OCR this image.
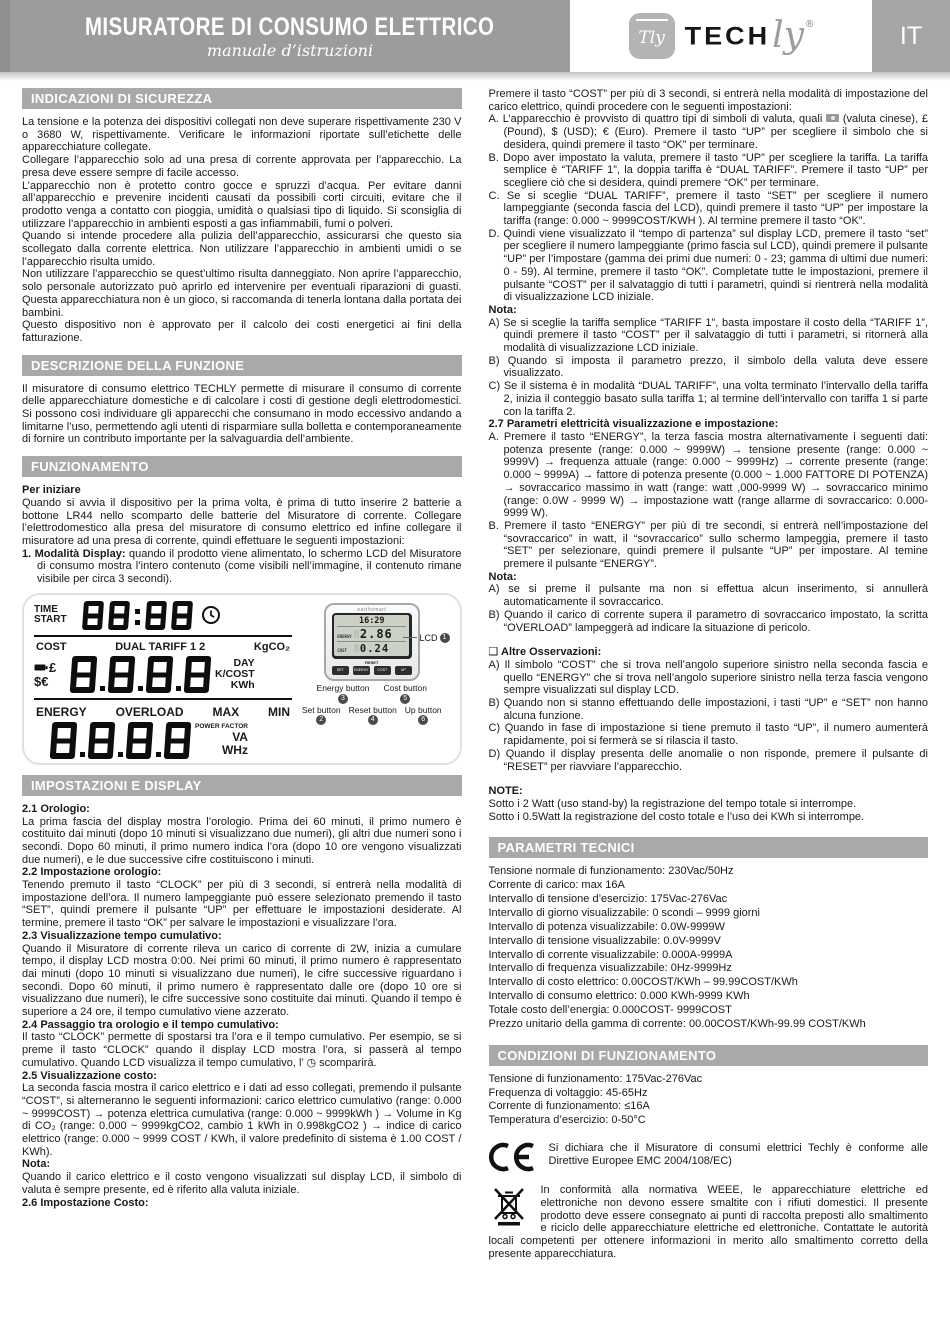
MISURATORE DI CONSUMO ELETTRICO
manuale d’istruzioni
Tly TECH ly ®	IT
INDICAZIONI DI SICUREZZA

La tensione e la potenza dei dispositivi collegati non deve superare rispettivamente 230 V o 3680 W, rispettivamente. Verificare le informazioni riportate sull’etichette delle apparecchiature collegate.

Collegare l’apparecchio solo ad una presa di corrente approvata per l’apparecchio. La presa deve essere sempre di facile accesso.

L’apparecchio non è protetto contro gocce e spruzzi d’acqua. Per evitare danni all’apparecchio e prevenire incidenti causati da possibili corti circuiti, evitare che il prodotto venga a contatto con pioggia, umidità o qualsiasi tipo di liquido. Si sconsiglia di utilizzare l’apparecchio in ambienti esposti a gas infiammabili, fumi o polveri.

Quando si intende procedere alla pulizia dell’apparecchio, assicurarsi che questo sia scollegato dalla corrente elettrica. Non utilizzare l’apparecchio in ambienti umidi o se l’apparecchio risulta umido.

Non utilizzare l’apparecchio se quest’ultimo risulta danneggiato. Non aprire l’apparecchio, solo personale autorizzato può aprirlo ed intervenire per eventuali riparazioni di guasti. Questa apparecchiatura non è un gioco, si raccomanda di tenerla lontana dalla portata dei bambini.

Questo dispositivo non è approvato per il calcolo dei costi energetici ai fini della fatturazione.

DESCRIZIONE DELLA FUNZIONE

Il misuratore di consumo elettrico TECHLY permette di misurare il consumo di corrente delle apparecchiature domestiche e di calcolare i costi di gestione degli elettrodomestici. Si possono così individuare gli apparecchi che consumano in modo eccessivo andando a limitarne l’uso, permettendo agli utenti di risparmiare sulla bolletta e contemporaneamente di fornire un contributo importante per la salvaguardia dell’ambiente.

FUNZIONAMENTO

Per iniziare

Quando si avvia il dispositivo per la prima volta, è prima di tutto inserire 2 batterie a bottone LR44 nello scomparto delle batterie del Misuratore di corrente. Collegare l’elettrodomestico alla presa del misuratore di consumo elettrico ed infine collegare il misuratore ad una presa di corrente, quindi effettuare le seguenti impostazioni:

1. Modalità Display: quando il prodotto viene alimentato, lo schermo LCD del Misuratore di consumo mostra l’intero contenuto (come visibili nell’immagine, il contenuto rimane visibile per circa 3 secondi).

TIME
START
COST	DUAL TARIFF 1 2	KgCO₂
£
$€
DAY
K/COST
KWh
ENERGY OVERLOAD MAX MIN
POWER FACTOR
VA
WHz
earthsmart
16:29
ENERGY 8 2.86
COST 8 0.24
RESET
SET	ENERGY	COST	UP
LCD 1
Energy button
3
Cost button
5
Set button
2
Reset button
4
Up button
6
IMPOSTAZIONI E DISPLAY

2.1 Orologio:

La prima fascia del display mostra l’orologio. Prima dei 60 minuti, il primo numero è costituito dai minuti (dopo 10 minuti si visualizzano due numeri), gli altri due numeri sono i secondi. Dopo 60 minuti, il primo numero indica l’ora (dopo 10 ore vengono visualizzati due numeri), e le due successive cifre costituiscono i minuti.

2.2 Impostazione orologio:

Tenendo premuto il tasto “CLOCK” per più di 3 secondi, si entrerà nella modalità di impostazione dell’ora. Il numero lampeggiante può essere selezionato premendo il tasto “SET”, quindi premere il pulsante “UP” per effettuare le impostazioni desiderate. Al termine, premere il tasto “OK” per salvare le impostazioni e visualizzare l’ora.

2.3 Visualizzazione tempo cumulativo:

Quando il Misuratore di corrente rileva un carico di corrente di 2W, inizia a cumulare tempo, il display LCD mostra 0:00. Nei primi 60 minuti, il primo numero è rappresentato dai minuti (dopo 10 minuti si visualizzano due numeri), le cifre successive riguardano i secondi. Dopo 60 minuti, il primo numero è rappresentato dalle ore (dopo 10 ore si visualizzano due numeri), le cifre successive sono costituite dai minuti. Quando il tempo è superiore a 24 ore, il tempo cumulativo viene azzerato.

2.4 Passaggio tra orologio e il tempo cumulativo:

Il tasto “CLOCK” permette di spostarsi tra l’ora e il tempo cumulativo. Per esempio, se si preme il tasto “CLOCK” quando il display LCD mostra l’ora, si passerà al tempo cumulativo. Quando LCD visualizza il tempo cumulativo, l’ ◷ scomparirà.

2.5 Visualizzazione costo:

La seconda fascia mostra il carico elettrico e i dati ad esso collegati, premendo il pulsante “COST”, si alterneranno le seguenti informazioni: carico elettrico cumulativo (range: 0.000 ~ 9999COST) → potenza elettrica cumulativa (range: 0.000 ~ 9999kWh ) → Volume in Kg di CO₂ (range: 0.000 ~ 9999kgCO2, cambio 1 kWh in 0.998kgCO2 ) → indice di carico elettrico (range: 0.000 ~ 9999 COST / KWh, il valore predefinito di sistema è 1.00 COST / KWh).

Nota:

Quando il carico elettrico e il costo vengono visualizzati sul display LCD, il simbolo di valuta è sempre presente, ed è riferito alla valuta iniziale.

2.6 Impostazione Costo:

Premere il tasto “COST” per più di 3 secondi, si entrerà nella modalità di impostazione del carico elettrico, quindi procedere con le seguenti impostazioni:

A. L’apparecchio è provvisto di quattro tipi di simboli di valuta, quali (valuta cinese), £ (Pound), $ (USD); € (Euro). Premere il tasto “UP” per scegliere il simbolo che si desidera, quindi premere il tasto “OK” per terminare.

B. Dopo aver impostato la valuta, premere il tasto “UP” per scegliere la tariffa. La tariffa semplice è “TARIFF 1”, la doppia tariffa è “DUAL TARIFF”. Premere il tasto “UP” per scegliere ciò che si desidera, quindi premere “OK” per terminare.

C. Se si sceglie “DUAL TARIFF”, premere il tasto “SET” per scegliere il numero lampeggiante (seconda fascia del LCD), quindi premere il tasto “UP” per impostare la tariffa (range: 0.000 ~ 9999COST/KWH ). Al termine premere il tasto “OK”.

D. Quindi viene visualizzato il “tempo di partenza” sul display LCD, premere il tasto “set” per scegliere il numero lampeggiante (primo fascia sul LCD), quindi premere il pulsante “UP” per l’impostare (gamma dei primi due numeri: 0 - 23; gamma di ultimi due numeri: 0 - 59). Al termine, premere il tasto “OK”. Completate tutte le impostazioni, premere il pulsante “COST” per il salvataggio di tutti i parametri, quindi si rientrerà nella modalità di visualizzazione LCD iniziale.

Nota:

A) Se si sceglie la tariffa semplice “TARIFF 1”, basta impostare il costo della “TARIFF 1”, quindi premere il tasto “COST” per il salvataggio di tutti i parametri, si ritornerà alla modalità di visualizzazione LCD iniziale.

B) Quando si imposta il parametro prezzo, il simbolo della valuta deve essere visualizzato.

C) Se il sistema è in modalità “DUAL TARIFF”, una volta terminato l’intervallo della tariffa 2, inizia il conteggio basato sulla tariffa 1; al termine dell’intervallo con tariffa 1 si parte con la tariffa 2.

2.7 Parametri elettricità visualizzazione e impostazione:

A. Premere il tasto “ENERGY”, la terza fascia mostra alternativamente i seguenti dati: potenza presente (range: 0.000 ~ 9999W) → tensione presente (range: 0.000 ~ 9999V) → frequenza attuale (range: 0.000 ~ 9999Hz) → corrente presente (range: 0.000 ~ 9999A) → fattore di potenza presente (0.000 ~ 1.000 FATTORE DI POTENZA) → sovraccarico massimo in watt (range: watt ,000-9999 W) → sovraccarico minimo (range: 0.0W - 9999 W) → impostazione watt (range allarme di sovraccarico: 0.000-9999 W).

B. Premere il tasto “ENERGY” per più di tre secondi, si entrerà nell’impostazione del “sovraccarico” in watt, il “sovraccarico” sullo schermo lampeggia, premere il tasto “SET” per selezionare, quindi premere il pulsante “UP” per impostare. Al temine premere il pulsante “ENERGY”.

Nota:

A) se si preme il pulsante ma non si effettua alcun inserimento, si annullerà automaticamente il sovraccarico.

B) Quando il carico di corrente supera il parametro di sovraccarico impostato, la scritta “OVERLOAD” lampeggerà ad indicare la situazione di pericolo.

❑ Altre Osservazioni:

A) Il simbolo “COST” che si trova nell’angolo superiore sinistro nella seconda fascia e quello “ENERGY” che si trova nell’angolo superiore sinistro nella terza fascia vengono sempre visualizzati sul display LCD.

B) Quando non si stanno effettuando delle impostazioni, i tasti “UP” e “SET” non hanno alcuna funzione.

C) Quando in fase di impostazione si tiene premuto il tasto “UP”, il numero aumenterà rapidamente, poi si fermerà se si rilascia il tasto.

D) Quando il display presenta delle anomalie o non risponde, premere il pulsante di “RESET” per riavviare l’apparecchio.

NOTE:

Sotto i 2 Watt (uso stand-by) la registrazione del tempo totale si interrompe.

Sotto i 0.5Watt la registrazione del costo totale e l’uso dei KWh si interrompe.

PARAMETRI TECNICI

Tensione normale di funzionamento: 230Vac/50Hz

Corrente di carico: max 16A

Intervallo di tensione d’esercizio: 175Vac-276Vac

Intervallo di giorno visualizzabile: 0 scondi – 9999 giorni

Intervallo di potenza visualizzabile: 0.0W-9999W

Intervallo di tensione visualizzabile: 0.0V-9999V

Intervallo di corrente visualizzabile: 0.000A-9999A

Intervallo di frequenza visualizzabile: 0Hz-9999Hz

Intervallo di costo elettrico: 0.00COST/KWh – 99.99COST/KWh

Intervallo di consumo elettrico: 0.000 KWh-9999 KWh

Totale costo dell’energia: 0.000COST- 9999COST

Prezzo unitario della gamma di corrente: 00.00COST/KWh-99.99 COST/KWh

CONDIZIONI DI FUNZIONAMENTO

Tensione di funzionamento: 175Vac-276Vac

Frequenza di voltaggio: 45-65Hz

Corrente di funzionamento: ≤16A

Temperatura d’esercizio: 0-50°C

Si dichiara che il Misuratore di consumi elettrici Techly è conforme alle Direttive Europee EMC 2004/108/EC)

In conformità alla normativa WEEE, le apparecchiature elettriche ed elettroniche non devono essere smaltite con i rifiuti domestici. Il presente prodotto deve essere consegnato ai punti di raccolta preposti allo smaltimento e riciclo delle apparecchiature elettriche ed elettroniche. Contattate le autorità locali competenti per ottenere informazioni in merito allo smaltimento corretto della presente apparecchiatura.
